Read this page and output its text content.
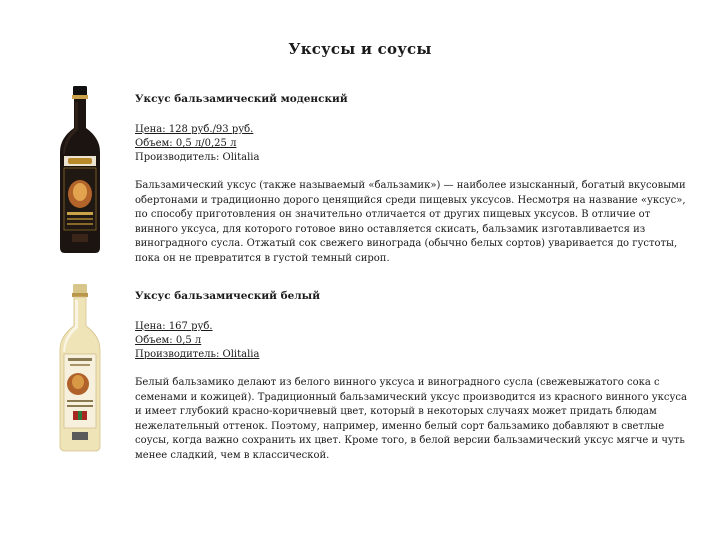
Уксусы и соусы
Уксус бальзамический моденский
Цена: 128 руб./93 руб.
Объем: 0,5 л/0,25 л
Производитель: Olitalia

Бальзамический уксус (также называемый «бальзамик») — наиболее изысканный, богатый вкусовыми обертонами и традиционно дорого ценящийся среди пищевых уксусов. Несмотря на название «уксус», по способу приготовления он значительно отличается от других пищевых уксусов. В отличие от винного уксуса, для которого готовое вино оставляется скисать, бальзамик изготавливается из виноградного сусла. Отжатый сок свежего винограда (обычно белых сортов) уваривается до густоты, пока он не превратится в густой темный сироп.

Уксус бальзамический белый
Цена: 167 руб.
Объем: 0,5 л
Производитель: Olitalia

Белый бальзамико делают из белого винного уксуса и виноградного сусла (свежевыжатого сока с семенами и кожицей). Традиционный бальзамический уксус производится из красного винного уксуса и имеет глубокий красно-коричневый цвет, который в некоторых случаях может придать блюдам нежелательный оттенок. Поэтому, например, именно белый сорт бальзамико добавляют в светлые соусы, когда важно сохранить их цвет. Кроме того, в белой версии бальзамический уксус мягче и чуть менее сладкий, чем в классической.
